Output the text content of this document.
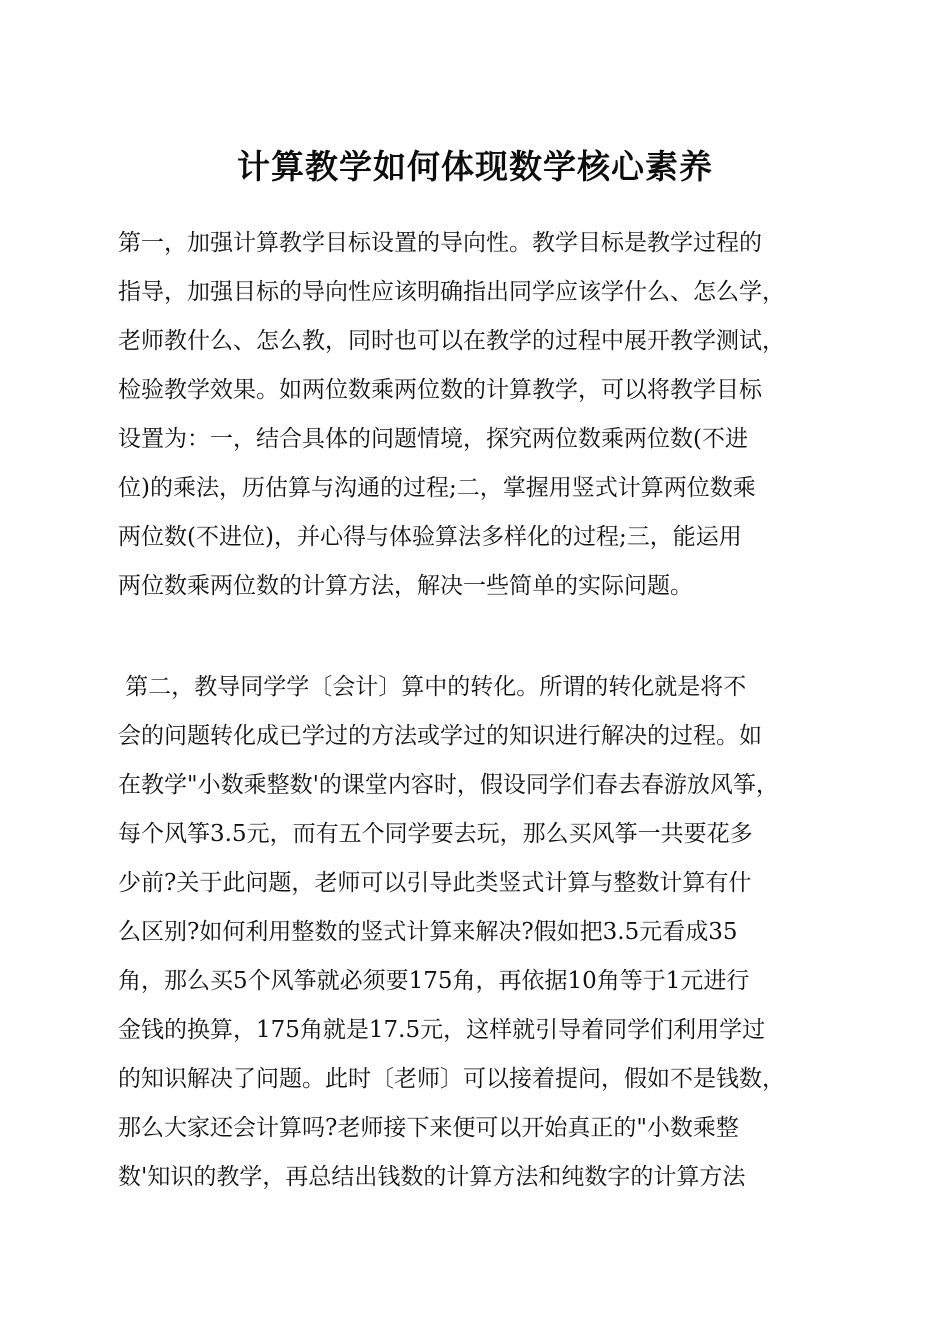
计算教学如何体现数学核心素养
第一，加强计算教学目标设置的导向性。教学目标是教学过程的
指导，加强目标的导向性应该明确指出同学应该学什么、怎么学，
老师教什么、怎么教，同时也可以在教学的过程中展开教学测试，
检验教学效果。如两位数乘两位数的计算教学，可以将教学目标
设置为：一，结合具体的问题情境，探究两位数乘两位数(不进
位)的乘法，历估算与沟通的过程;二，掌握用竖式计算两位数乘
两位数(不进位)，并心得与体验算法多样化的过程;三，能运用
两位数乘两位数的计算方法，解决一些简单的实际问题。
第二，教导同学学〔会计〕算中的转化。所谓的转化就是将不
会的问题转化成已学过的方法或学过的知识进行解决的过程。如
在教学"小数乘整数'的课堂内容时，假设同学们春去春游放风筝，
每个风筝3.5元，而有五个同学要去玩，那么买风筝一共要花多
少前?关于此问题，老师可以引导此类竖式计算与整数计算有什
么区别?如何利用整数的竖式计算来解决?假如把3.5元看成35
角，那么买5个风筝就必须要175角，再依据10角等于1元进行
金钱的换算，175角就是17.5元，这样就引导着同学们利用学过
的知识解决了问题。此时〔老师〕可以接着提问，假如不是钱数，
那么大家还会计算吗?老师接下来便可以开始真正的"小数乘整
数'知识的教学，再总结出钱数的计算方法和纯数字的计算方法
